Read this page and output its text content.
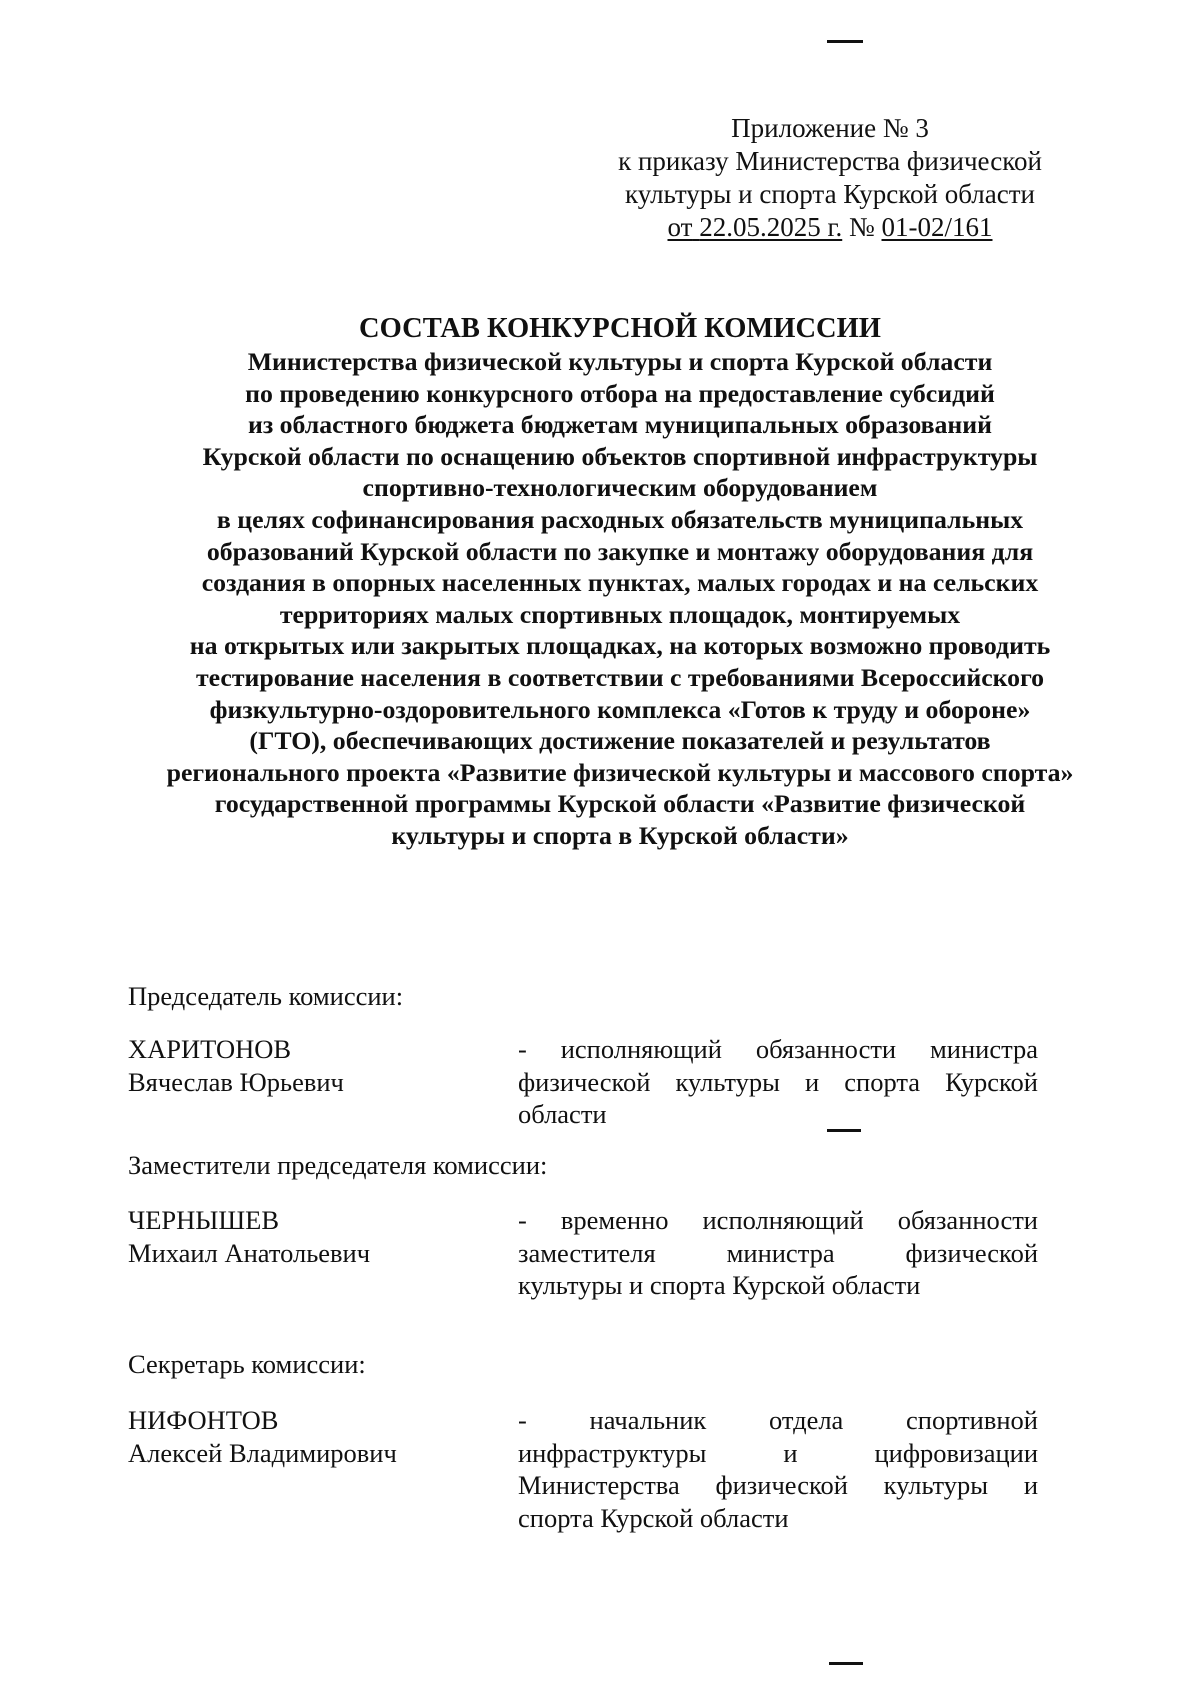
Приложение № 3
к приказу Министерства физической
культуры и спорта Курской области
от 22.05.2025 г. № 01-02/161
СОСТАВ КОНКУРСНОЙ КОМИССИИ
Министерства физической культуры и спорта Курской области
по проведению конкурсного отбора на предоставление субсидий
из областного бюджета бюджетам муниципальных образований
Курской области по оснащению объектов спортивной инфраструктуры
спортивно-технологическим оборудованием
в целях софинансирования расходных обязательств муниципальных
образований Курской области по закупке и монтажу оборудования для
создания в опорных населенных пунктах, малых городах и на сельских
территориях малых спортивных площадок, монтируемых
на открытых или закрытых площадках, на которых возможно проводить
тестирование населения в соответствии с требованиями Всероссийского
физкультурно-оздоровительного комплекса «Готов к труду и обороне»
(ГТО), обеспечивающих достижение показателей и результатов
регионального проекта «Развитие физической культуры и массового спорта»
государственной программы Курской области «Развитие физической
культуры и спорта в Курской области»
Председатель комиссии:
ХАРИТОНОВ
Вячеслав Юрьевич
- исполняющий обязанности министра
физической культуры и спорта Курской
области
Заместители председателя комиссии:
ЧЕРНЫШЕВ
Михаил Анатольевич
- временно исполняющий обязанности
заместителя министра физической
культуры и спорта Курской области
Секретарь комиссии:
НИФОНТОВ
Алексей Владимирович
- начальник отдела спортивной
инфраструктуры и цифровизации
Министерства физической культуры и
спорта Курской области
